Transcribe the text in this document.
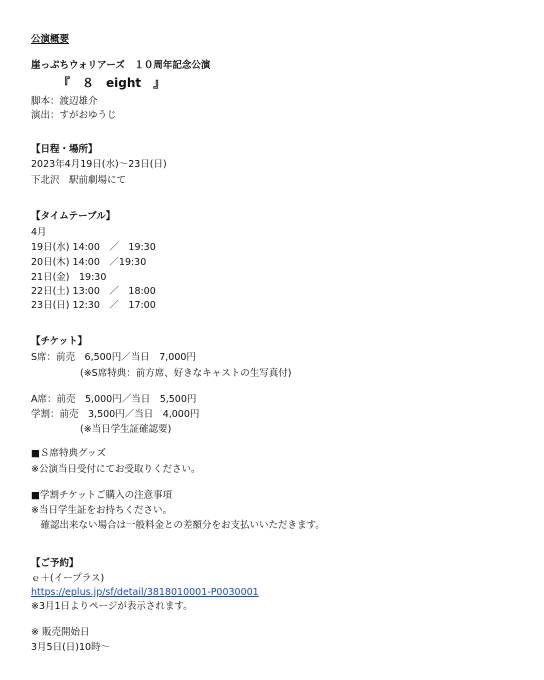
公演概要
崖っぷちウォリアーズ　１０周年記念公演
『　８　eight　』
脚本：渡辺雄介
演出：すがおゆうじ
【日程・場所】
2023年4月19日(水)～23日(日)
下北沢　駅前劇場にて
【タイムテーブル】
4月
19日(水) 14:00　／　19:30
20日(木) 14:00　／19:30
21日(金)　19:30
22日(土) 13:00　／　18:00
23日(日) 12:30　／　17:00
【チケット】
S席：前売　6,500円／当日　7,000円
(※S席特典：前方席、好きなキャストの生写真付)
A席：前売　5,000円／当日　5,500円
学割：前売　3,500円／当日　4,000円
(※当日学生証確認要)
■Ｓ席特典グッズ
※公演当日受付にてお受取りください。
■学割チケットご購入の注意事項
※当日学生証をお持ちください。
　確認出来ない場合は一般料金との差額分をお支払いいただきます。
【ご予約】
ｅ＋(イープラス)
https://eplus.jp/sf/detail/3818010001-P0030001
※3月1日よりページが表示されます。
※ 販売開始日
3月5日(日)10時～
